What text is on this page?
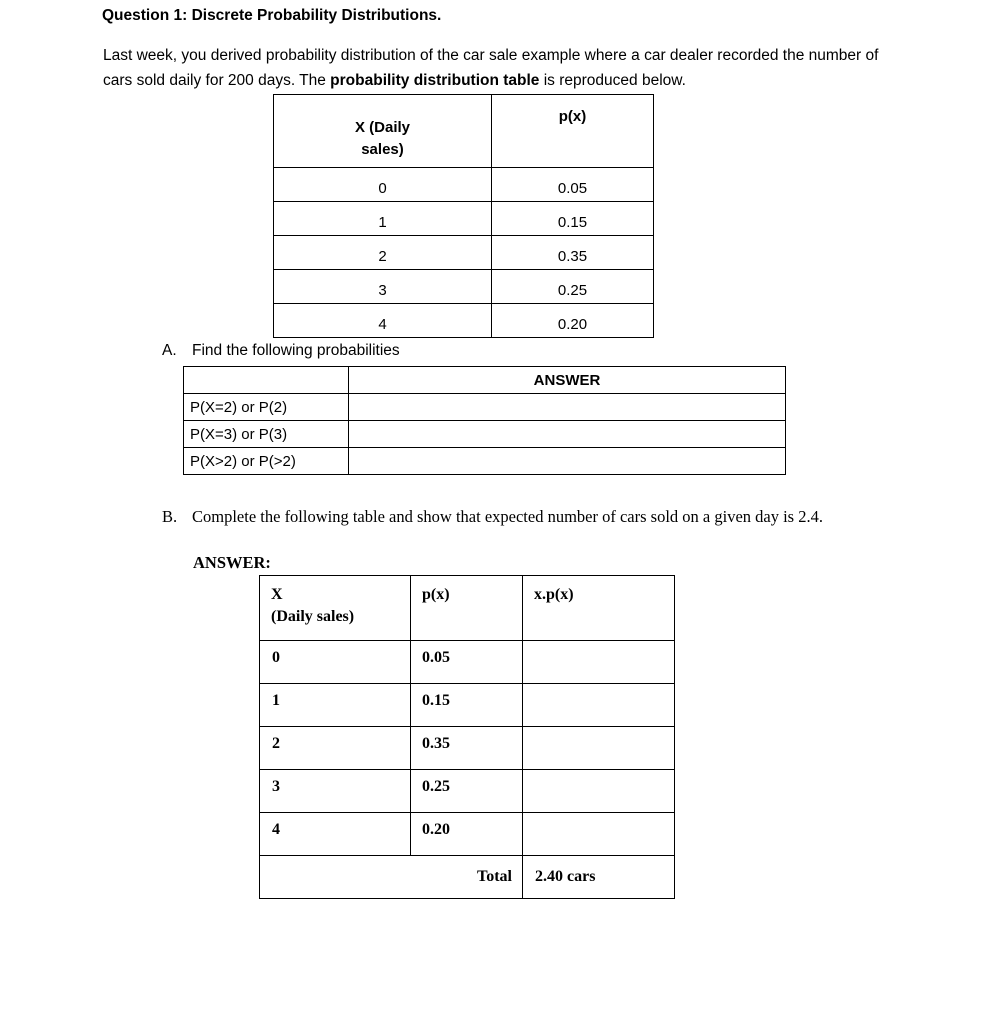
Question 1: Discrete Probability Distributions.
Last week, you derived probability distribution of the car sale example where a car dealer recorded the number of cars sold daily for 200 days. The probability distribution table is reproduced below.
X (Daily
sales)	p(x)

0	0.05
1	0.15
2	0.35
3	0.25
4	0.20
A. Find the following probabilities
	ANSWER
P(X=2) or P(2)	
P(X=3) or P(3)	
P(X>2) or P(>2)	
B. Complete the following table and show that expected number of cars sold on a given day is 2.4.
ANSWER:
X
(Daily sales)	p(x)	x.p(x)

0	0.05	
1	0.15	
2	0.35	
3	0.25	
4	0.20	
Total		2.40 cars
